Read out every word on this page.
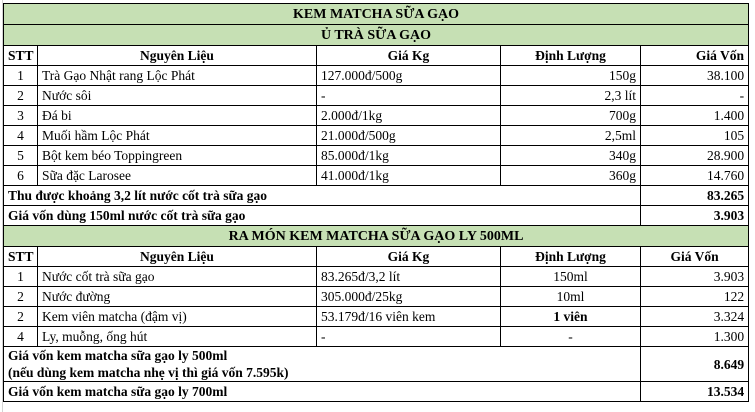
KEM MATCHA SỮA GẠO				
Ủ TRÀ SỮA GẠO				
STT	Nguyên Liệu	Giá Kg	Định Lượng	Giá Vốn
1	Trà Gạo Nhật rang Lộc Phát	127.000đ/500g	150g	38.100
2	Nước sôi	-	2,3 lít	-
3	Đá bi	2.000đ/1kg	700g	1.400
4	Muối hầm Lộc Phát	21.000đ/500g	2,5ml	105
5	Bột kem béo Toppingreen	85.000đ/1kg	340g	28.900
6	Sữa đặc Larosee	41.000đ/1kg	360g	14.760
Thu được khoảng 3,2 lít nước cốt trà sữa gạo				83.265
Giá vốn dùng 150ml nước cốt trà sữa gạo				3.903
RA MÓN KEM MATCHA SỮA GẠO LY 500ML				
STT	Nguyên Liệu	Giá Kg	Định Lượng	Giá Vốn
1	Nước cốt trà sữa gạo	83.265đ/3,2 lít	150ml	3.903
2	Nước đường	305.000đ/25kg	10ml	122
2	Kem viên matcha (đậm vị)	53.179đ/16 viên kem	1 viên	3.324
4	Ly, muỗng, ống hút	-	-	1.300

Giá vốn kem matcha sữa gạo ly 500ml
(nếu dùng kem matcha nhẹ vị thì giá vốn 7.595k)				8.649
Giá vốn kem matcha sữa gạo ly 700ml				13.534
